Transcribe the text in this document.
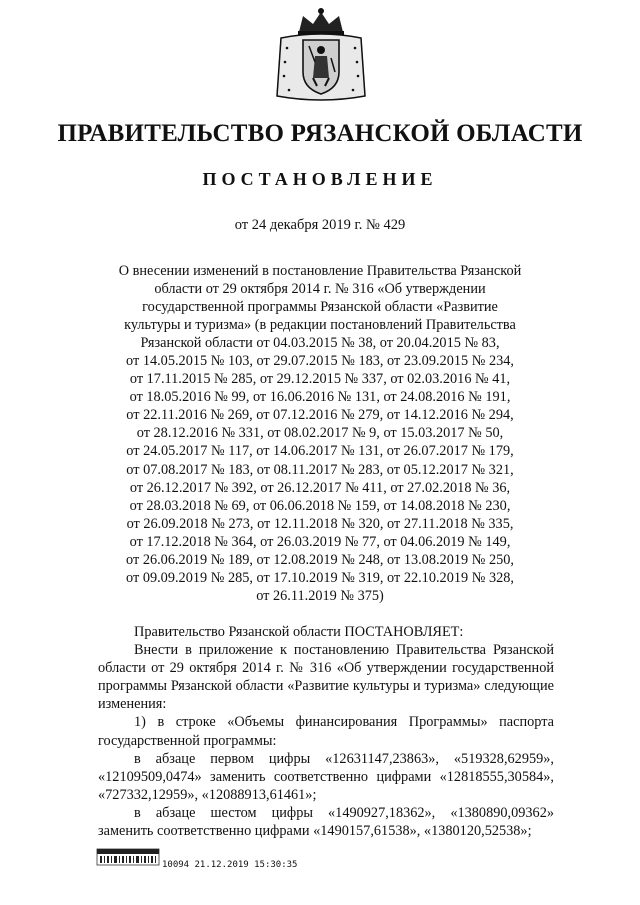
ПРАВИТЕЛЬСТВО РЯЗАНСКОЙ ОБЛАСТИ
ПОСТАНОВЛЕНИЕ
от 24 декабря 2019 г. № 429
О внесении изменений в постановление Правительства Рязанской
области от 29 октября 2014 г. № 316 «Об утверждении
государственной программы Рязанской области «Развитие
культуры и туризма» (в редакции постановлений Правительства
Рязанской области от 04.03.2015 № 38, от 20.04.2015 № 83,
от 14.05.2015 № 103, от 29.07.2015 № 183, от 23.09.2015 № 234,
от 17.11.2015 № 285, от 29.12.2015 № 337, от 02.03.2016 № 41,
от 18.05.2016 № 99, от 16.06.2016 № 131, от 24.08.2016 № 191,
от 22.11.2016 № 269, от 07.12.2016 № 279, от 14.12.2016 № 294,
от 28.12.2016 № 331, от 08.02.2017 № 9, от 15.03.2017 № 50,
от 24.05.2017 № 117, от 14.06.2017 № 131, от 26.07.2017 № 179,
от 07.08.2017 № 183, от 08.11.2017 № 283, от 05.12.2017 № 321,
от 26.12.2017 № 392, от 26.12.2017 № 411, от 27.02.2018 № 36,
от 28.03.2018 № 69, от 06.06.2018 № 159, от 14.08.2018 № 230,
от 26.09.2018 № 273, от 12.11.2018 № 320, от 27.11.2018 № 335,
от 17.12.2018 № 364, от 26.03.2019 № 77, от 04.06.2019 № 149,
от 26.06.2019 № 189, от 12.08.2019 № 248, от 13.08.2019 № 250,
от 09.09.2019 № 285, от 17.10.2019 № 319, от 22.10.2019 № 328,
от 26.11.2019 № 375)
Правительство Рязанской области ПОСТАНОВЛЯЕТ:
Внести в приложение к постановлению Правительства Рязанской области от 29 октября 2014 г. № 316 «Об утверждении государственной программы Рязанской области «Развитие культуры и туризма» следующие изменения:
1) в строке «Объемы финансирования Программы» паспорта государственной программы:
в абзаце первом цифры «12631147,23863», «519328,62959», «12109509,0474» заменить соответственно цифрами «12818555,30584», «727332,12959», «12088913,61461»;
в абзаце шестом цифры «1490927,18362», «1380890,09362» заменить соответственно цифрами «1490157,61538», «1380120,52538»;
10094 21.12.2019 15:30:35
